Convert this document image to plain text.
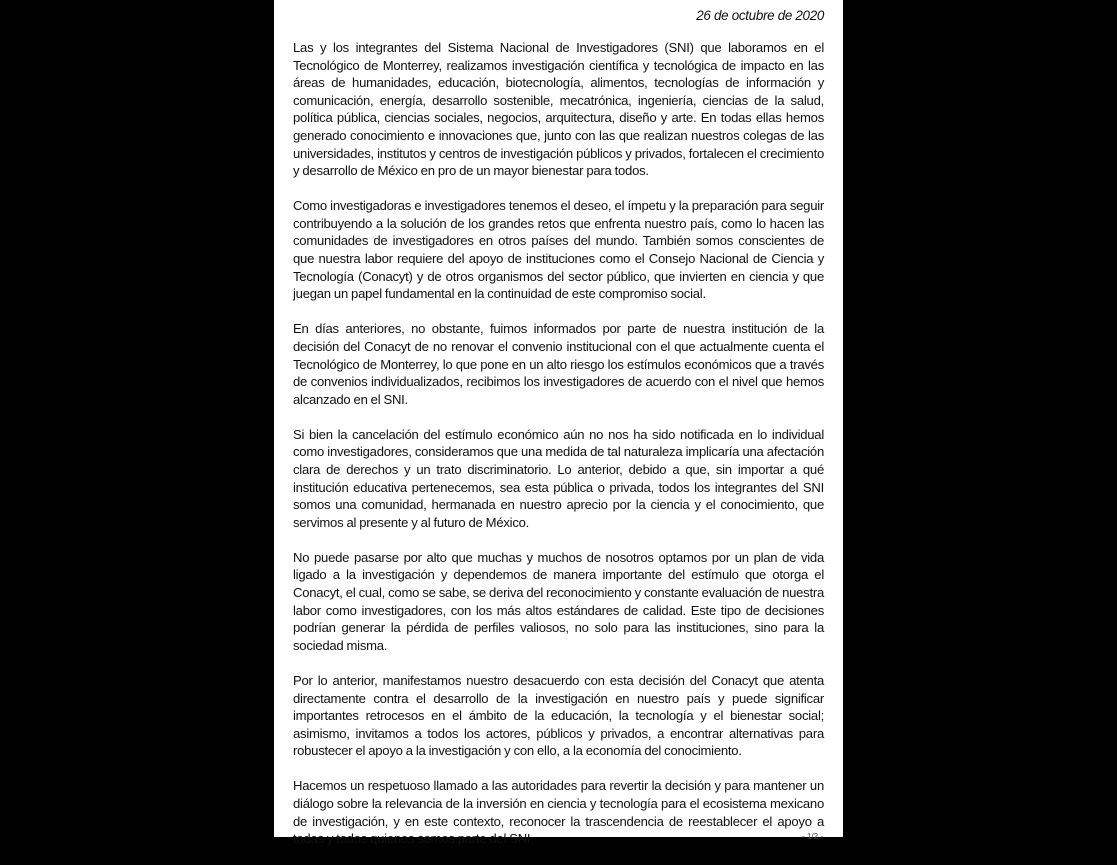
26 de octubre de 2020

Las y los integrantes del Sistema Nacional de Investigadores (SNI) que laboramos en el Tecnológico de Monterrey, realizamos investigación científica y tecnológica de impacto en las áreas de humanidades, educación, biotecnología, alimentos, tecnologías de información y comunicación, energía, desarrollo sostenible, mecatrónica, ingeniería, ciencias de la salud, política pública, ciencias sociales, negocios, arquitectura, diseño y arte. En todas ellas hemos generado conocimiento e innovaciones que, junto con las que realizan nuestros colegas de las universidades, institutos y centros de investigación públicos y privados, fortalecen el crecimiento y desarrollo de México en pro de un mayor bienestar para todos.

Como investigadoras e investigadores tenemos el deseo, el ímpetu y la preparación para seguir contribuyendo a la solución de los grandes retos que enfrenta nuestro país, como lo hacen las comunidades de investigadores en otros países del mundo. También somos conscientes de que nuestra labor requiere del apoyo de instituciones como el Consejo Nacional de Ciencia y Tecnología (Conacyt) y de otros organismos del sector público, que invierten en ciencia y que juegan un papel fundamental en la continuidad de este compromiso social.

En días anteriores, no obstante, fuimos informados por parte de nuestra institución de la decisión del Conacyt de no renovar el convenio institucional con el que actualmente cuenta el Tecnológico de Monterrey, lo que pone en un alto riesgo los estímulos económicos que a través de convenios individualizados, recibimos los investigadores de acuerdo con el nivel que hemos alcanzado en el SNI.

Si bien la cancelación del estímulo económico aún no nos ha sido notificada en lo individual como investigadores, consideramos que una medida de tal naturaleza implicaría una afectación clara de derechos y un trato discriminatorio. Lo anterior, debido a que, sin importar a qué institución educativa pertenecemos, sea esta pública o privada, todos los integrantes del SNI somos una comunidad, hermanada en nuestro aprecio por la ciencia y el conocimiento, que servimos al presente y al futuro de México.

No puede pasarse por alto que muchas y muchos de nosotros optamos por un plan de vida ligado a la investigación y dependemos de manera importante del estímulo que otorga el Conacyt, el cual, como se sabe, se deriva del reconocimiento y constante evaluación de nuestra labor como investigadores, con los más altos estándares de calidad. Este tipo de decisiones podrían generar la pérdida de perfiles valiosos, no solo para las instituciones, sino para la sociedad misma.

Por lo anterior, manifestamos nuestro desacuerdo con esta decisión del Conacyt que atenta directamente contra el desarrollo de la investigación en nuestro país y puede significar importantes retrocesos en el ámbito de la educación, la tecnología y el bienestar social; asimismo, invitamos a todos los actores, públicos y privados, a encontrar alternativas para robustecer el apoyo a la investigación y con ello, a la economía del conocimiento.

Hacemos un respetuoso llamado a las autoridades para revertir la decisión y para mantener un diálogo sobre la relevancia de la inversión en ciencia y tecnología para el ecosistema mexicano de investigación, y en este contexto, reconocer la trascendencia de reestablecer el apoyo a todas y todos quienes somos parte del SNI.	- 1/2 -
